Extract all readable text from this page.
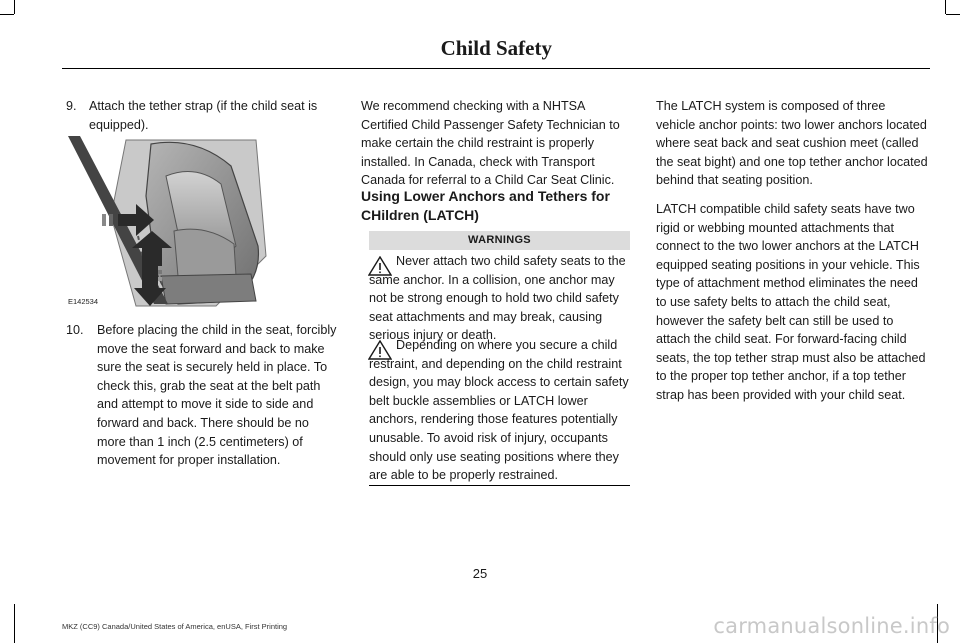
Child Safety
9. Attach the tether strap (if the child seat is equipped).
E142534
10.	Before placing the child in the seat, forcibly move the seat forward and back to make sure the seat is securely held in place. To check this, grab the seat at the belt path and attempt to move it side to side and forward and back. There should be no more than 1 inch (2.5 centimeters) of movement for proper installation.
We recommend checking with a NHTSA Certified Child Passenger Safety Technician to make certain the child restraint is properly installed. In Canada, check with Transport Canada for referral to a Child Car Seat Clinic.
Using Lower Anchors and Tethers for CHildren (LATCH)
WARNINGS
Never attach two child safety seats to the same anchor. In a collision, one anchor may not be strong enough to hold two child safety seat attachments and may break, causing serious injury or death.
Depending on where you secure a child restraint, and depending on the child restraint design, you may block access to certain safety belt buckle assemblies or LATCH lower anchors, rendering those features potentially unusable. To avoid risk of injury, occupants should only use seating positions where they are able to be properly restrained.
The LATCH system is composed of three vehicle anchor points: two lower anchors located where seat back and seat cushion meet (called the seat bight) and one top tether anchor located behind that seating position.
LATCH compatible child safety seats have two rigid or webbing mounted attachments that connect to the two lower anchors at the LATCH equipped seating positions in your vehicle. This type of attachment method eliminates the need to use safety belts to attach the child seat, however the safety belt can still be used to attach the child seat. For forward-facing child seats, the top tether strap must also be attached to the proper top tether anchor, if a top tether strap has been provided with your child seat.
25
MKZ (CC9) Canada/United States of America, enUSA, First Printing	carmanualsonline.info
